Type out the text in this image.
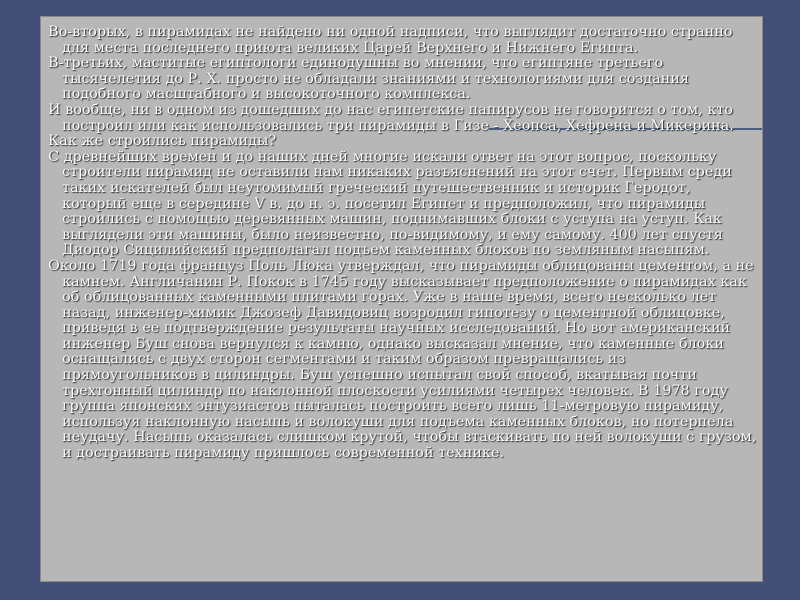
Во-вторых, в пирамидах не найдено ни одной надписи, что выглядит достаточно странно для места последнего приюта великих Царей Верхнего и Нижнего Египта.

В-третьих, маститые египтологи единодушны во мнении, что египтяне третьего тысячелетия до Р. Х. просто не обладали знаниями и технологиями для создания подобного масштабного и высокоточного комплекса.

И вообще, ни в одном из дошедших до нас египетские папирусов не говорится о том, кто построил или как использовались три пирамиды в Гизе - Хеопса, Хефрена и Микерина.

Как же строились пирамиды?

С древнейших времен и до наших дней многие искали ответ на этот вопрос, поскольку строители пирамид не оставили нам никаких разъяснений на этот счет. Первым среди таких искателей был неутомимый греческий путешественник и историк Геродот, который еще в середине V в. до н. э. посетил Египет и предположил, что пирамиды строились с помощью деревянных машин, поднимавших блоки с уступа на уступ. Как выглядели эти машины, было неизвестно, по-видимому, и ему самому. 400 лет спустя Диодор Сицилийский предполагал подъем каменных блоков по земляным насыпям.

Около 1719 года француз Поль Люка утверждал, что пирамиды облицованы цементом, а не камнем. Англичанин Р. Покок в 1745 году высказывает предположение о пирамидах как об облицованных каменными плитами горах. Уже в наше время, всего несколько лет назад, инженер-химик Джозеф Давидовиц возродил гипотезу о цементной облицовке, приведя в ее подтверждение результаты научных исследований. Но вот американский инженер Буш снова вернулся к камню, однако высказал мнение, что каменные блоки оснащались с двух сторон сегментами и таким образом превращались из прямоугольников в цилиндры. Буш успешно испытал свой способ, вкатывая почти трехтонный цилиндр по наклонной плоскости усилиями четырех человек. В 1978 году группа японских энтузиастов пыталась построить всего лишь 11-метровую пирамиду, используя наклонную насыпь и волокуши для подъема каменных блоков, но потерпела неудачу. Насыпь оказалась слишком крутой, чтобы втаскивать по ней волокуши с грузом, и достраивать пирамиду пришлось современной технике.
